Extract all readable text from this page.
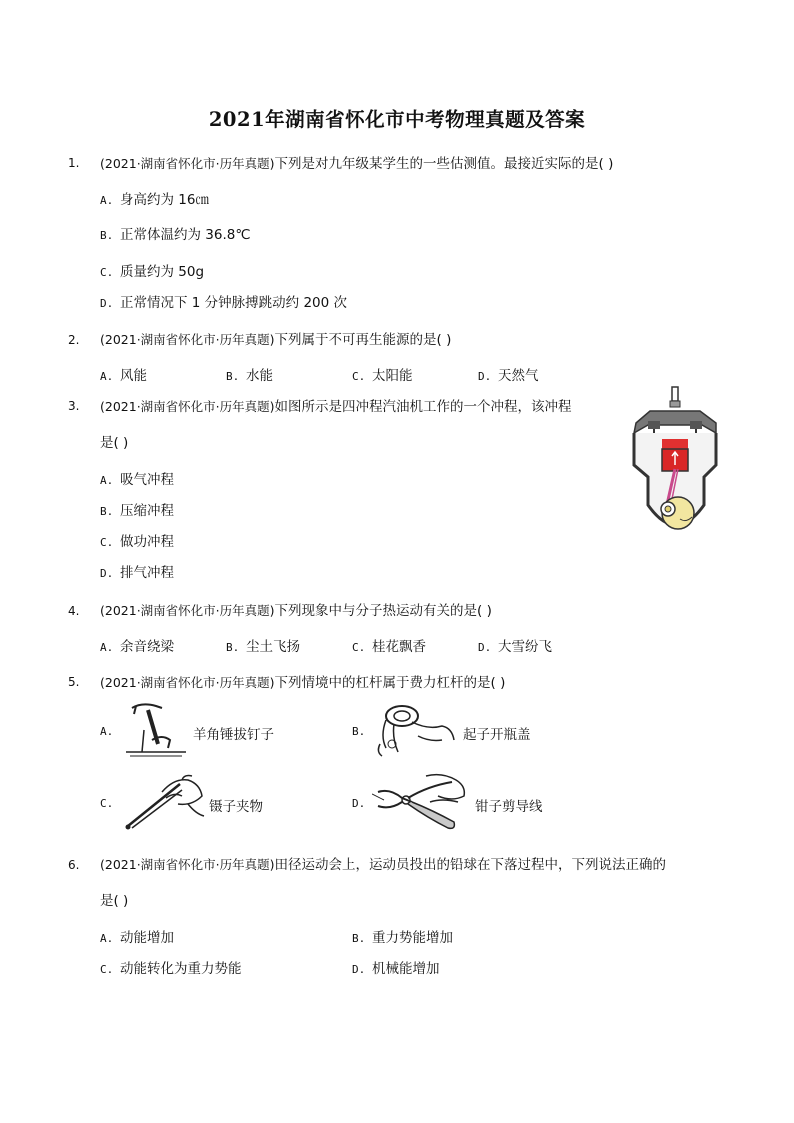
2021年湖南省怀化市中考物理真题及答案
1. (2021·湖南省怀化市·历年真题)下列是对九年级某学生的一些估测值。最接近实际的是( )
A. 身高约为 16㎝
B. 正常体温约为 36.8℃
C. 质量约为 50g
D. 正常情况下 1 分钟脉搏跳动约 200 次
2. (2021·湖南省怀化市·历年真题)下列属于不可再生能源的是( )
A. 风能	B. 水能	C. 太阳能	D. 天然气
3. (2021·湖南省怀化市·历年真题)如图所示是四冲程汽油机工作的一个冲程，该冲程
是( )
A. 吸气冲程
B. 压缩冲程
C. 做功冲程
D. 排气冲程
4. (2021·湖南省怀化市·历年真题)下列现象中与分子热运动有关的是( )
A. 余音绕梁	B. 尘土飞扬	C. 桂花飘香	D. 大雪纷飞
5. (2021·湖南省怀化市·历年真题)下列情境中的杠杆属于费力杠杆的是( )
A.	羊角锤拔钉子	B.	起子开瓶盖
C.	镊子夹物	D.	钳子剪导线
6. (2021·湖南省怀化市·历年真题)田径运动会上，运动员投出的铅球在下落过程中，下列说法正确的
是( )
A. 动能增加	B. 重力势能增加
C. 动能转化为重力势能	D. 机械能增加
